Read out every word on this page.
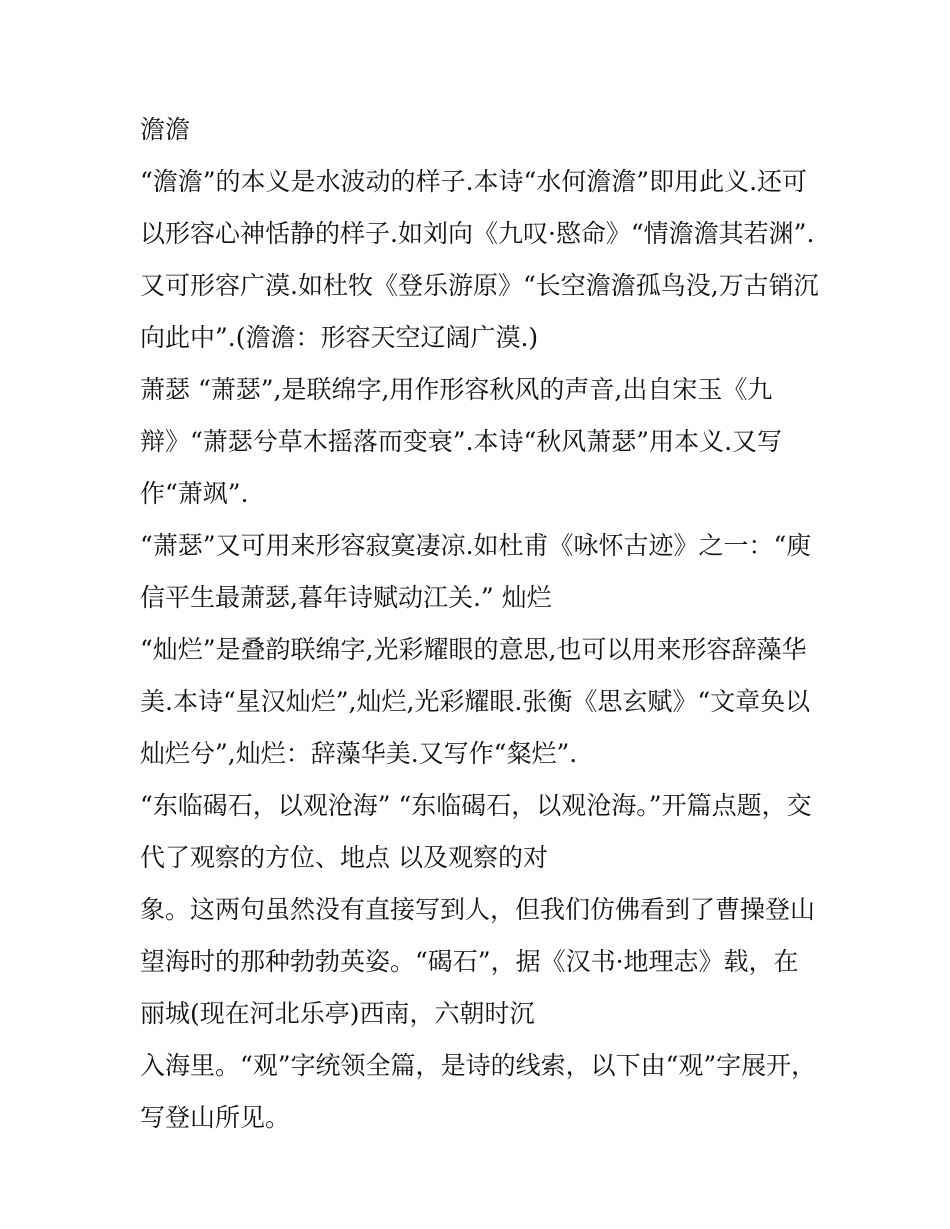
澹澹
“澹澹”的本义是水波动的样子.本诗“水何澹澹”即用此义.还可
以形容心神恬静的样子.如刘向《九叹·愍命》“情澹澹其若渊”.
又可形容广漠.如杜牧《登乐游原》“长空澹澹孤鸟没,万古销沉
向此中”.(澹澹：形容天空辽阔广漠.)
萧瑟 “萧瑟”,是联绵字,用作形容秋风的声音,出自宋玉《九
辩》“萧瑟兮草木摇落而变衰”.本诗“秋风萧瑟”用本义.又写
作“萧飒”.
“萧瑟”又可用来形容寂寞凄凉.如杜甫《咏怀古迹》之一：“庾
信平生最萧瑟,暮年诗赋动江关.” 灿烂
“灿烂”是叠韵联绵字,光彩耀眼的意思,也可以用来形容辞藻华
美.本诗“星汉灿烂”,灿烂,光彩耀眼.张衡《思玄赋》“文章奂以
灿烂兮”,灿烂：辞藻华美.又写作“粲烂”.
“东临碣石，以观沧海” “东临碣石，以观沧海。”开篇点题，交
代了观察的方位、地点 以及观察的对
象。这两句虽然没有直接写到人，但我们仿佛看到了曹操登山
望海时的那种勃勃英姿。“碣石”，据《汉书·地理志》载，在
丽城(现在河北乐亭)西南，六朝时沉
入海里。“观”字统领全篇，是诗的线索，以下由“观”字展开，
写登山所见。
